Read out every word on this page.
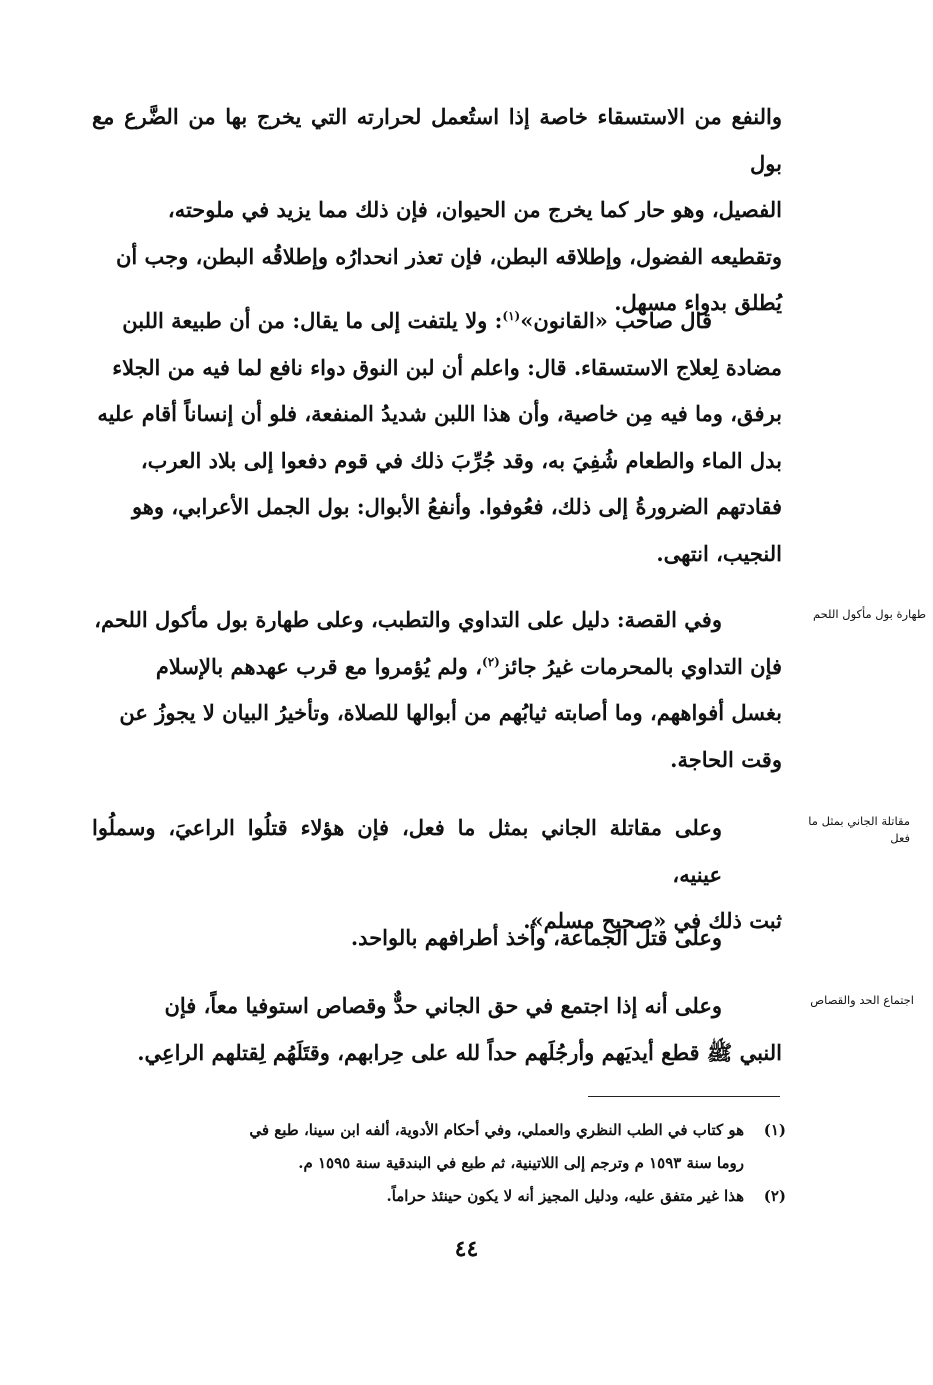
والنفع من الاستسقاء خاصة إذا استُعمل لحرارته التي يخرج بها من الضَّرع مع بول

الفصيل، وهو حار كما يخرج من الحيوان، فإن ذلك مما يزيد في ملوحته،

وتقطيعه الفضول، وإطلاقه البطن، فإن تعذر انحدارُه وإطلاقُه البطن، وجب أن

يُطلق بدواء مسهل.

قال صاحب «القانون»$^{(١)}$: ولا يلتفت إلى ما يقال: من أن طبيعة اللبن

مضادة لِعلاج الاستسقاء. قال: واعلم أن لبن النوق دواء نافع لما فيه من الجلاء

برفق، وما فيه مِن خاصية، وأن هذا اللبن شديدُ المنفعة، فلو أن إنساناً أقام عليه

بدل الماء والطعام شُفِيَ به، وقد جُرِّبَ ذلك في قوم دفعوا إلى بلاد العرب،

فقادتهم الضرورةُ إلى ذلك، فعُوفوا. وأنفعُ الأبوال: بول الجمل الأعرابي، وهو

النجيب، انتهى.

وفي القصة: دليل على التداوي والتطبب، وعلى طهارة بول مأكول اللحم،

فإن التداوي بالمحرمات غيرُ جائز$^{(٢)}$، ولم يُؤمروا مع قرب عهدهم بالإسلام

بغسل أفواههم، وما أصابته ثيابُهم من أبوالها للصلاة، وتأخيرُ البيان لا يجوزُ عن

وقت الحاجة.

وعلى مقاتلة الجاني بمثل ما فعل، فإن هؤلاء قتلُوا الراعيَ، وسملُوا عينيه،

ثبت ذلك في «صحيح مسلم».

وعلى قتل الجماعة، وأخذ أطرافهم بالواحد.

وعلى أنه إذا اجتمع في حق الجاني حدٌّ وقصاص استوفيا معاً، فإن

النبي ﷺ قطع أيديَهم وأرجُلَهم حداً لله على حِرابهم، وقتَلَهُم لِقتلهم الراعِي.

طهارة بول مأكول اللحم
مقاتلة الجاني بمثل ما فعل
اجتماع الحد والقصاص
(١)
هو كتاب في الطب النظري والعملي، وفي أحكام الأدوية، ألفه ابن سينا، طبع في
روما سنة ١٥٩٣ م وترجم إلى اللاتينية، ثم طبع في البندقية سنة ١٥٩٥ م.
(٢)
هذا غير متفق عليه، ودليل المجيز أنه لا يكون حينئذ حراماً.
٤٤
